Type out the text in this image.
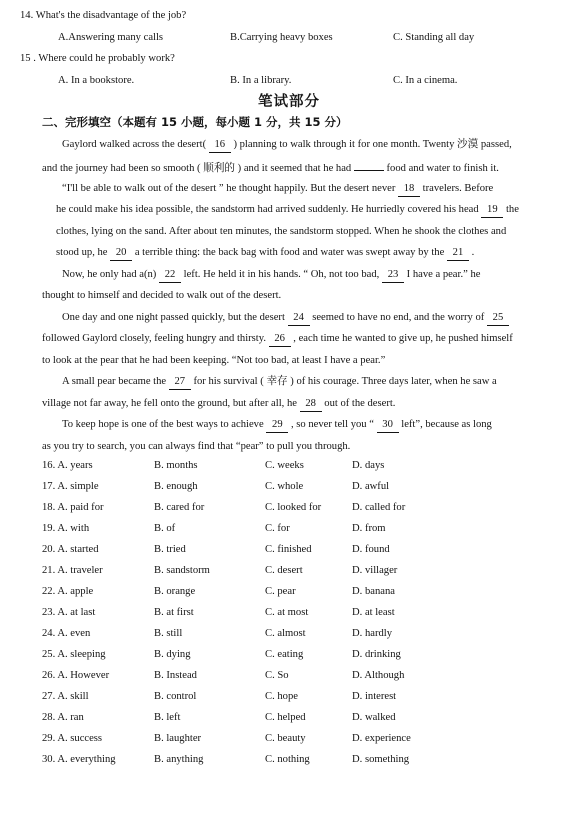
14. What's the disadvantage of the job?
A.Answering many calls	B.Carrying heavy boxes	C. Standing all day
15 . Where could he probably work?
A. In a bookstore.	B. In a library.	C. In a cinema.
笔试部分
二、完形填空（本题有 15 小题，每小题 1 分，共 15 分）
Gaylord walked across the desert( 16 ) planning to walk through it for one month. Twenty 沙漠 passed,
and the journey had been so smooth ( 顺利的 ) and it seemed that he had	food and water to finish it.
“I'll be able to walk out of the desert ” he thought happily. But the desert never 18 travelers. Before
he could make his idea possible, the sandstorm had arrived suddenly. He hurriedly covered his head 19 the
clothes, lying on the sand. After about ten minutes, the sandstorm stopped. When he shook the clothes and
stood up, he 20 a terrible thing: the back bag with food and water was swept away by the 21 .
Now, he only had a(n) 22 left. He held it in his hands. “ Oh, not too bad, 23 I have a pear.” he
thought to himself and decided to walk out of the desert.
One day and one night passed quickly, but the desert 24 seemed to have no end, and the worry of 25
followed Gaylord closely, feeling hungry and thirsty. 26 , each time he wanted to give up, he pushed himself
to look at the pear that he had been keeping. “Not too bad, at least I have a pear.”
A small pear became the 27 for his survival ( 幸存 ) of his courage. Three days later, when he saw a
village not far away, he fell onto the ground, but after all, he 28 out of the desert.
To keep hope is one of the best ways to achieve 29 , so never tell you “ 30 left”, because as long
as you try to search, you can always find that “pear” to pull you through.
16. A. years	B. months	C. weeks	D. days
17. A. simple	B. enough	C. whole	D. awful
18. A. paid for	B. cared for	C. looked for	D. called for
19. A. with	B. of	C. for	D. from
20. A. started	B. tried	C. finished	D. found
21. A. traveler	B. sandstorm	C. desert	D. villager
22. A. apple	B. orange	C. pear	D. banana
23. A. at last	B. at first	C. at most	D. at least
24. A. even	B. still	C. almost	D. hardly
25. A. sleeping	B. dying	C. eating	D. drinking
26. A. However	B. Instead	C. So	D. Although
27. A. skill	B. control	C. hope	D. interest
28. A. ran	B. left	C. helped	D. walked
29. A. success	B. laughter	C. beauty	D. experience
30. A. everything	B. anything	C. nothing	D. something
